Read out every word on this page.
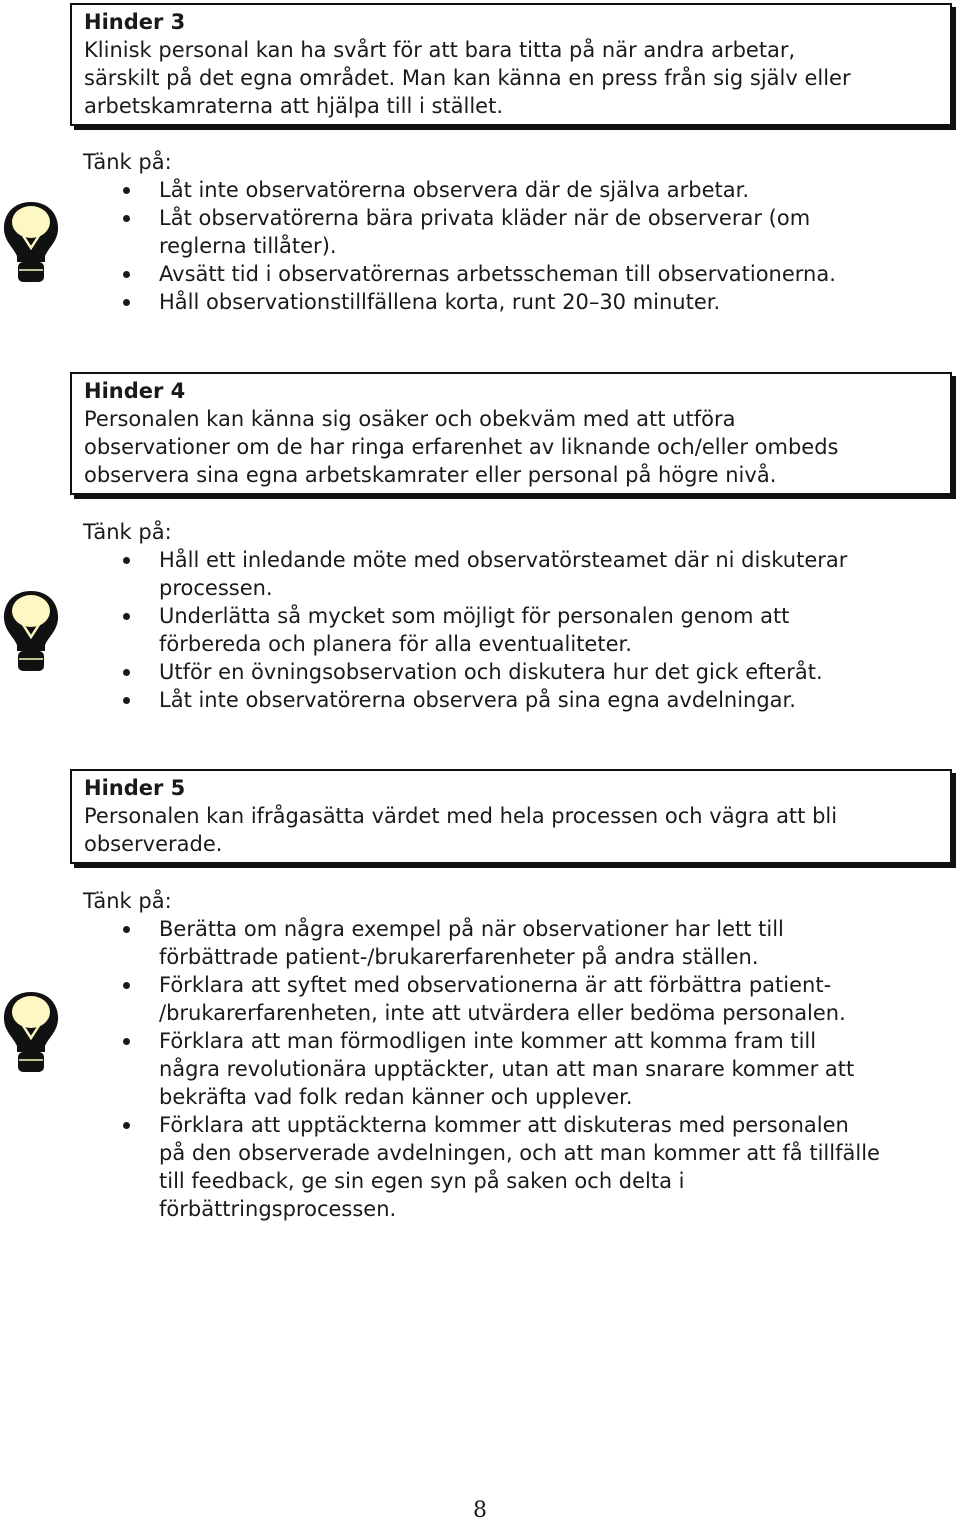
Hinder 3
Klinisk personal kan ha svårt för att bara titta på när andra arbetar,
särskilt på det egna området. Man kan känna en press från sig själv eller
arbetskamraterna att hjälpa till i stället.
Tänk på:
Låt inte observatörerna observera där de själva arbetar.
Låt observatörerna bära privata kläder när de observerar (om
reglerna tillåter).
Avsätt tid i observatörernas arbetsscheman till observationerna.
Håll observationstillfällena korta, runt 20–30 minuter.
Hinder 4
Personalen kan känna sig osäker och obekväm med att utföra
observationer om de har ringa erfarenhet av liknande och/eller ombeds
observera sina egna arbetskamrater eller personal på högre nivå.
Tänk på:
Håll ett inledande möte med observatörsteamet där ni diskuterar
processen.
Underlätta så mycket som möjligt för personalen genom att
förbereda och planera för alla eventualiteter.
Utför en övningsobservation och diskutera hur det gick efteråt.
Låt inte observatörerna observera på sina egna avdelningar.
Hinder 5
Personalen kan ifrågasätta värdet med hela processen och vägra att bli
observerade.
Tänk på:
Berätta om några exempel på när observationer har lett till
förbättrade patient-/brukarerfarenheter på andra ställen.
Förklara att syftet med observationerna är att förbättra patient-
/brukarerfarenheten, inte att utvärdera eller bedöma personalen.
Förklara att man förmodligen inte kommer att komma fram till
några revolutionära upptäckter, utan att man snarare kommer att
bekräfta vad folk redan känner och upplever.
Förklara att upptäckterna kommer att diskuteras med personalen
på den observerade avdelningen, och att man kommer att få tillfälle
till feedback, ge sin egen syn på saken och delta i
förbättringsprocessen.
8
